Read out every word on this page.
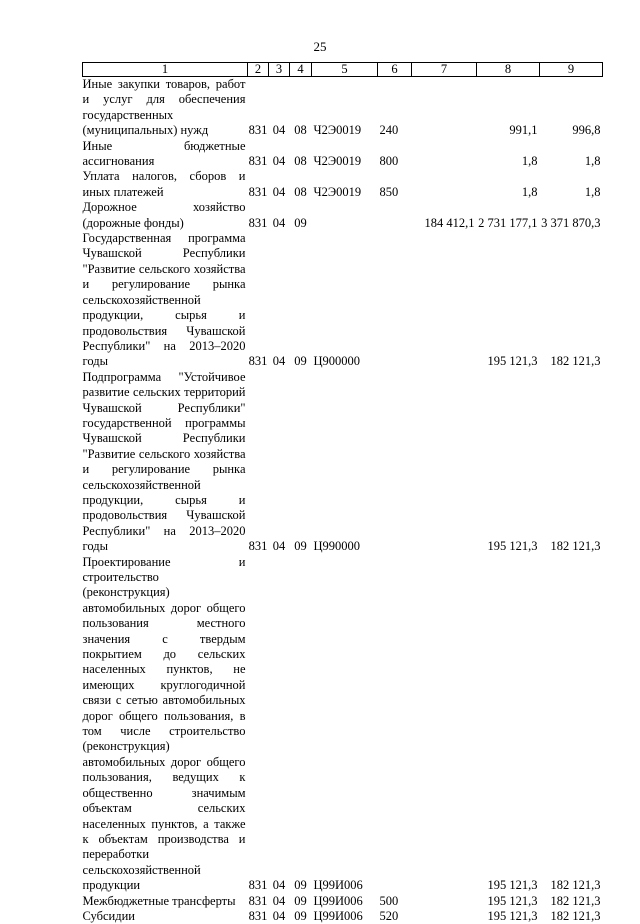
25
1	2	3	4	5	6	7	8	9
Иные закупки товаров, работ и услуг для обеспечения государственных (муниципальных) нужд	831	04	08	Ч2Э0019	240		991,1	996,8
Иные бюджетные ассигнования	831	04	08	Ч2Э0019	800		1,8	1,8
Уплата налогов, сборов и иных платежей	831	04	08	Ч2Э0019	850		1,8	1,8
Дорожное хозяйство (дорожные фонды)	831	04	09			184 412,1	2 731 177,1	3 371 870,3
Государственная программа Чувашской Республики "Развитие сельского хозяйства и регулирование рынка сельскохозяйственной продукции, сырья и продовольствия Чувашской Республики" на 2013–2020 годы	831	04	09	Ц900000			195 121,3	182 121,3
Подпрограмма "Устойчивое развитие сельских территорий Чувашской Республики" государственной программы Чувашской Республики "Развитие сельского хозяйства и регулирование рынка сельскохозяйственной продукции, сырья и продовольствия Чувашской Республики" на 2013–2020 годы	831	04	09	Ц990000			195 121,3	182 121,3
Проектирование и строительство (реконструкция) автомобильных дорог общего пользования местного значения с твердым покрытием до сельских населенных пунктов, не имеющих круглогодичной связи с сетью автомобильных дорог общего пользования, в том числе строительство (реконструкция) автомобильных дорог общего пользования, ведущих к общественно значимым объектам сельских населенных пунктов, а также к объектам производства и переработки сельскохозяйственной продукции	831	04	09	Ц99И006			195 121,3	182 121,3
Межбюджетные трансферты	831	04	09	Ц99И006	500		195 121,3	182 121,3
Субсидии	831	04	09	Ц99И006	520		195 121,3	182 121,3
